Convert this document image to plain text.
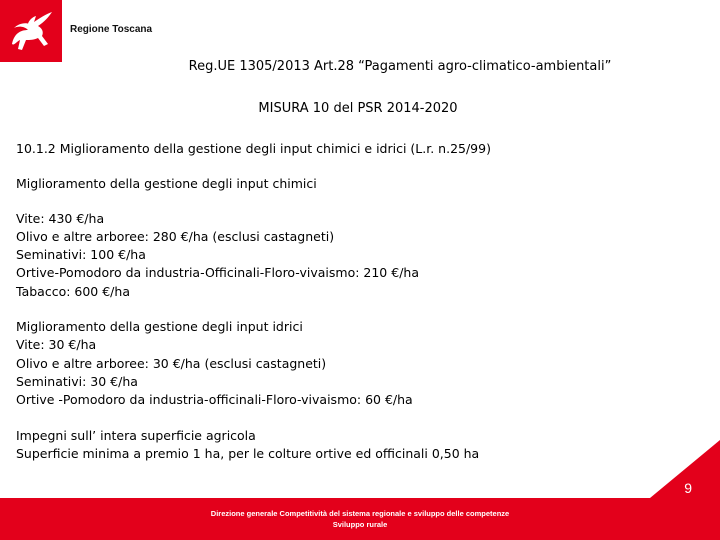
Regione Toscana
Reg.UE 1305/2013 Art.28 “Pagamenti agro-climatico-ambientali”
MISURA 10 del PSR 2014-2020
10.1.2 Miglioramento della gestione degli input chimici e idrici (L.r. n.25/99)
Miglioramento della gestione degli input chimici
Vite: 430 €/ha
Olivo e altre arboree: 280 €/ha (esclusi castagneti)
Seminativi: 100 €/ha
Ortive-Pomodoro da industria-Officinali-Floro-vivaismo: 210 €/ha
Tabacco: 600 €/ha
Miglioramento della gestione degli input idrici
Vite: 30 €/ha
Olivo e altre arboree: 30 €/ha (esclusi castagneti)
Seminativi: 30 €/ha
Ortive -Pomodoro da industria-officinali-Floro-vivaismo: 60 €/ha
Impegni sull’ intera superficie agricola
Superficie minima a premio 1 ha, per le colture ortive ed officinali 0,50 ha
9
Direzione generale Competitività del sistema regionale e sviluppo delle competenze
Sviluppo rurale
